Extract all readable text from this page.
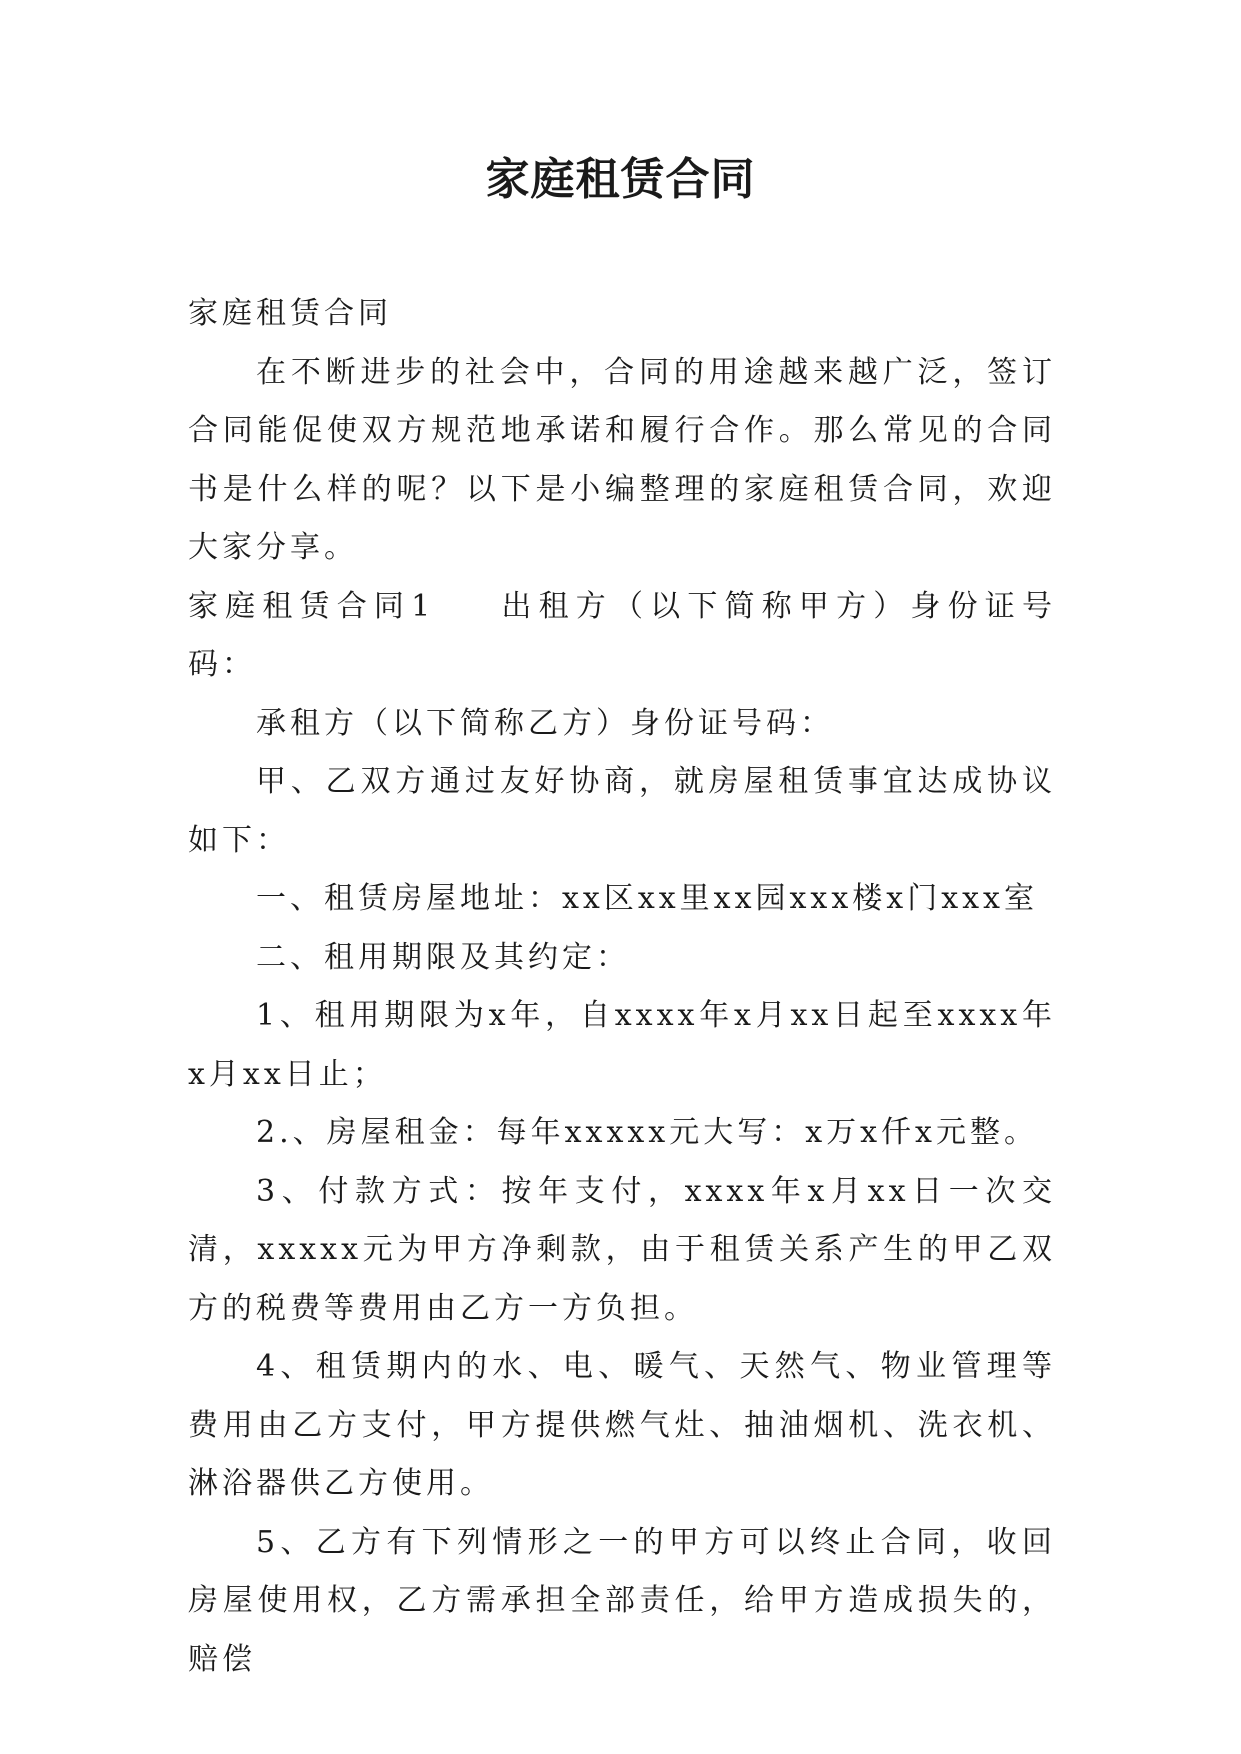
家庭租赁合同

家庭租赁合同

在不断进步的社会中，合同的用途越来越广泛，签订合同能促使双方规范地承诺和履行合作。那么常见的合同书是什么样的呢？以下是小编整理的家庭租赁合同，欢迎大家分享。

家庭租赁合同1 出租方（以下简称甲方）身份证号码：

承租方（以下简称乙方）身份证号码：

甲、乙双方通过友好协商，就房屋租赁事宜达成协议如下：

一、租赁房屋地址：xx区xx里xx园xxx楼x门xxx室

二、租用期限及其约定：

1、租用期限为x年，自xxxx年x月xx日起至xxxx年x月xx日止；

2.、房屋租金：每年xxxxx元大写：x万x仟x元整。

3、付款方式：按年支付，xxxx年x月xx日一次交清，xxxxx元为甲方净剩款，由于租赁关系产生的甲乙双方的税费等费用由乙方一方负担。

4、租赁期内的水、电、暖气、天然气、物业管理等费用由乙方支付，甲方提供燃气灶、抽油烟机、洗衣机、淋浴器供乙方使用。

5、乙方有下列情形之一的甲方可以终止合同，收回房屋使用权，乙方需承担全部责任，给甲方造成损失的，赔偿
